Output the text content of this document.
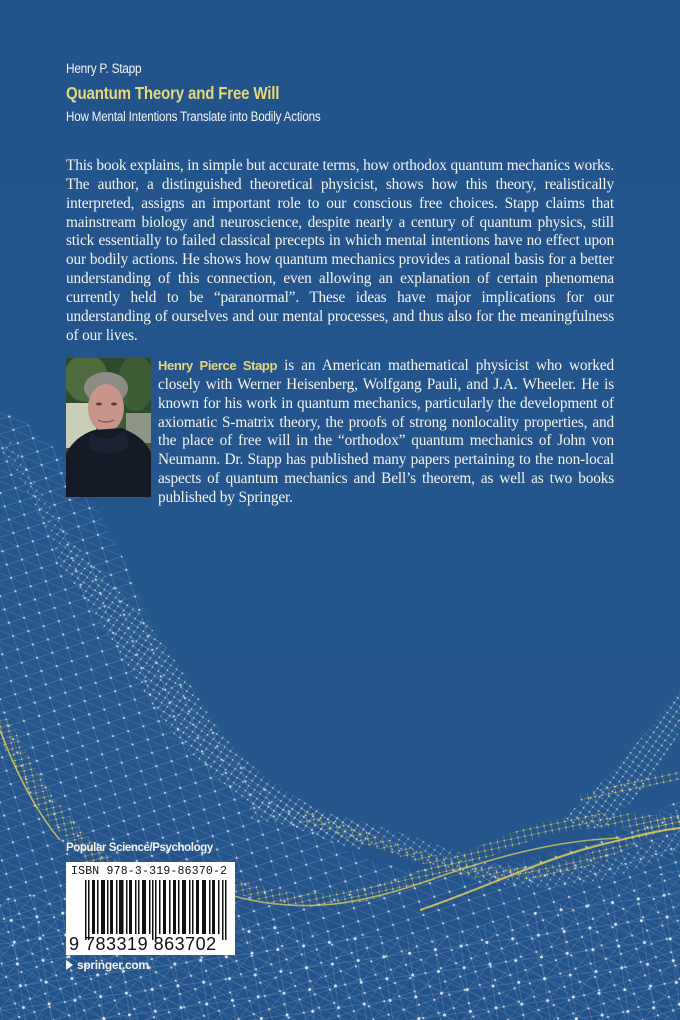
Henry P. Stapp
Quantum Theory and Free Will
How Mental Intentions Translate into Bodily Actions

This book explains, in simple but accurate terms, how orthodox quantum mechanics works. The author, a distinguished theoretical physicist, shows how this theory, realistically interpreted, assigns an important role to our conscious free choices. Stapp claims that mainstream biology and neuroscience, despite nearly a century of quantum physics, still stick essentially to failed classical precepts in which mental intentions have no effect upon our bodily actions. He shows how quantum mechanics provides a rational basis for a better understanding of this connection, even allowing an explanation of certain phenomena currently held to be “paranormal”. These ideas have major implications for our understanding of ourselves and our mental processes, and thus also for the meaningfulness of our lives.

Henry Pierce Stapp is an American mathematical physicist who worked closely with Werner Heisenberg, Wolfgang Pauli, and J.A. Wheeler. He is known for his work in quantum mechanics, particularly the development of axiomatic S-matrix theory, the proofs of strong nonlocality properties, and the place of free will in the “orthodox” quantum mechanics of John von Neumann. Dr. Stapp has published many papers pertaining to the non-local aspects of quantum mechanics and Bell’s theorem, as well as two books published by Springer.

Popular Science/Psychology
ISBN 978-3-319-86370-2
9 783319 863702
springer.com
